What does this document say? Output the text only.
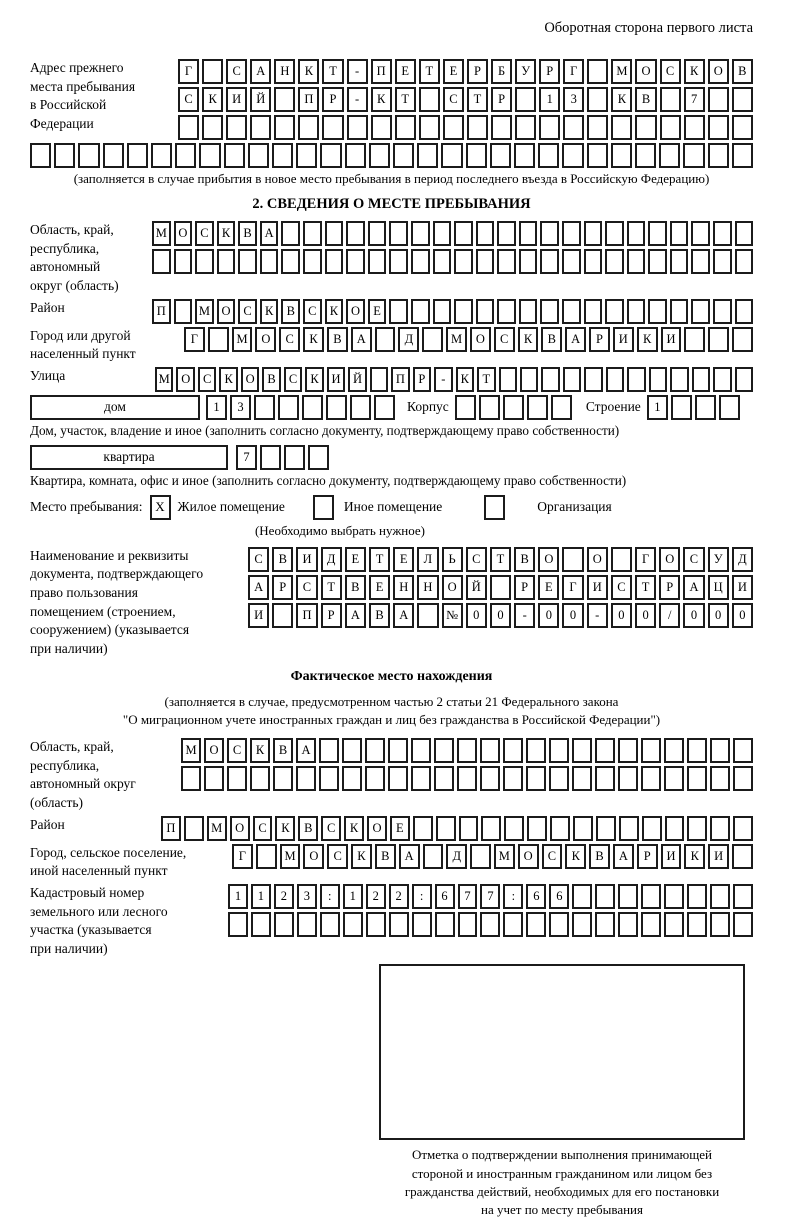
Оборотная сторона первого листа
Адрес прежнего
места пребывания
в Российской
Федерации
Г	С	А	Н	К	Т	-	П	Е	Т	Е	Р	Б	У	Р	Г	М	О	С	К	О	В
С	К	И	Й	П	Р	-	К	Т	С	Т	Р	1	3	К	В	7
(заполняется в случае прибытия в новое место пребывания в период последнего въезда в Российскую Федерацию)
2. СВЕДЕНИЯ О МЕСТЕ ПРЕБЫВАНИЯ
Область, край,
республика,
автономный
округ (область)
М О	С	К	В	А
Район	П	М О	С	К	В	С	К	О	Е
Город или другой
населенный пункт
Г	М	О	С	К	В	А	Д	М	О	С	К	В	А	Р	И	К	И
Улица	М О	С	К	О	В	С	К	И Й	П	Р	-	К	Т
дом	1	3	Корпус	Строение	1
Дом, участок, владение и иное (заполнить согласно документу, подтверждающему право собственности)
квартира	7
Квартира, комната, офис и иное (заполнить согласно документу, подтверждающему право собственности)
Место пребывания: X Жилое помещение	Иное помещение	Организация
(Необходимо выбрать нужное)
Наименование и реквизиты
документа, подтверждающего
право пользования
помещением (строением,
сооружением) (указывается
при наличии)
С	В	И	Д	Е	Т	Е	Л	Ь	С	Т	В	О	О	Г	О	С	У	Д
А	Р	С	Т	В	Е	Н	Н	О	Й	Р	Е	Г	И	С	Т	Р	А	Ц	И
И	П	Р	А	В	А	№	0	0	-	0	0	-	0	0	/	0	0	0
Фактическое место нахождения
(заполняется в случае, предусмотренном частью 2 статьи 21 Федерального закона
"О миграционном учете иностранных граждан и лиц без гражданства в Российской Федерации")
Область, край,
республика,
автономный округ
(область)
М	О	С	К	В	А
Район	П	М	О	С	К	В	С	К	О	Е
Город, сельское поселение,
иной населенный пункт
Г	М	О	С	К	В	А	Д	М	О	С	К	В	А	Р	И	К	И
Кадастровый номер
земельного или лесного
участка (указывается
при наличии)
1	1	2	3	:	1	2	2	:	6	7	7	:	6	6
Отметка о подтверждении выполнения принимающей
стороной и иностранным гражданином или лицом без
гражданства действий, необходимых для его постановки
на учет по месту пребывания
